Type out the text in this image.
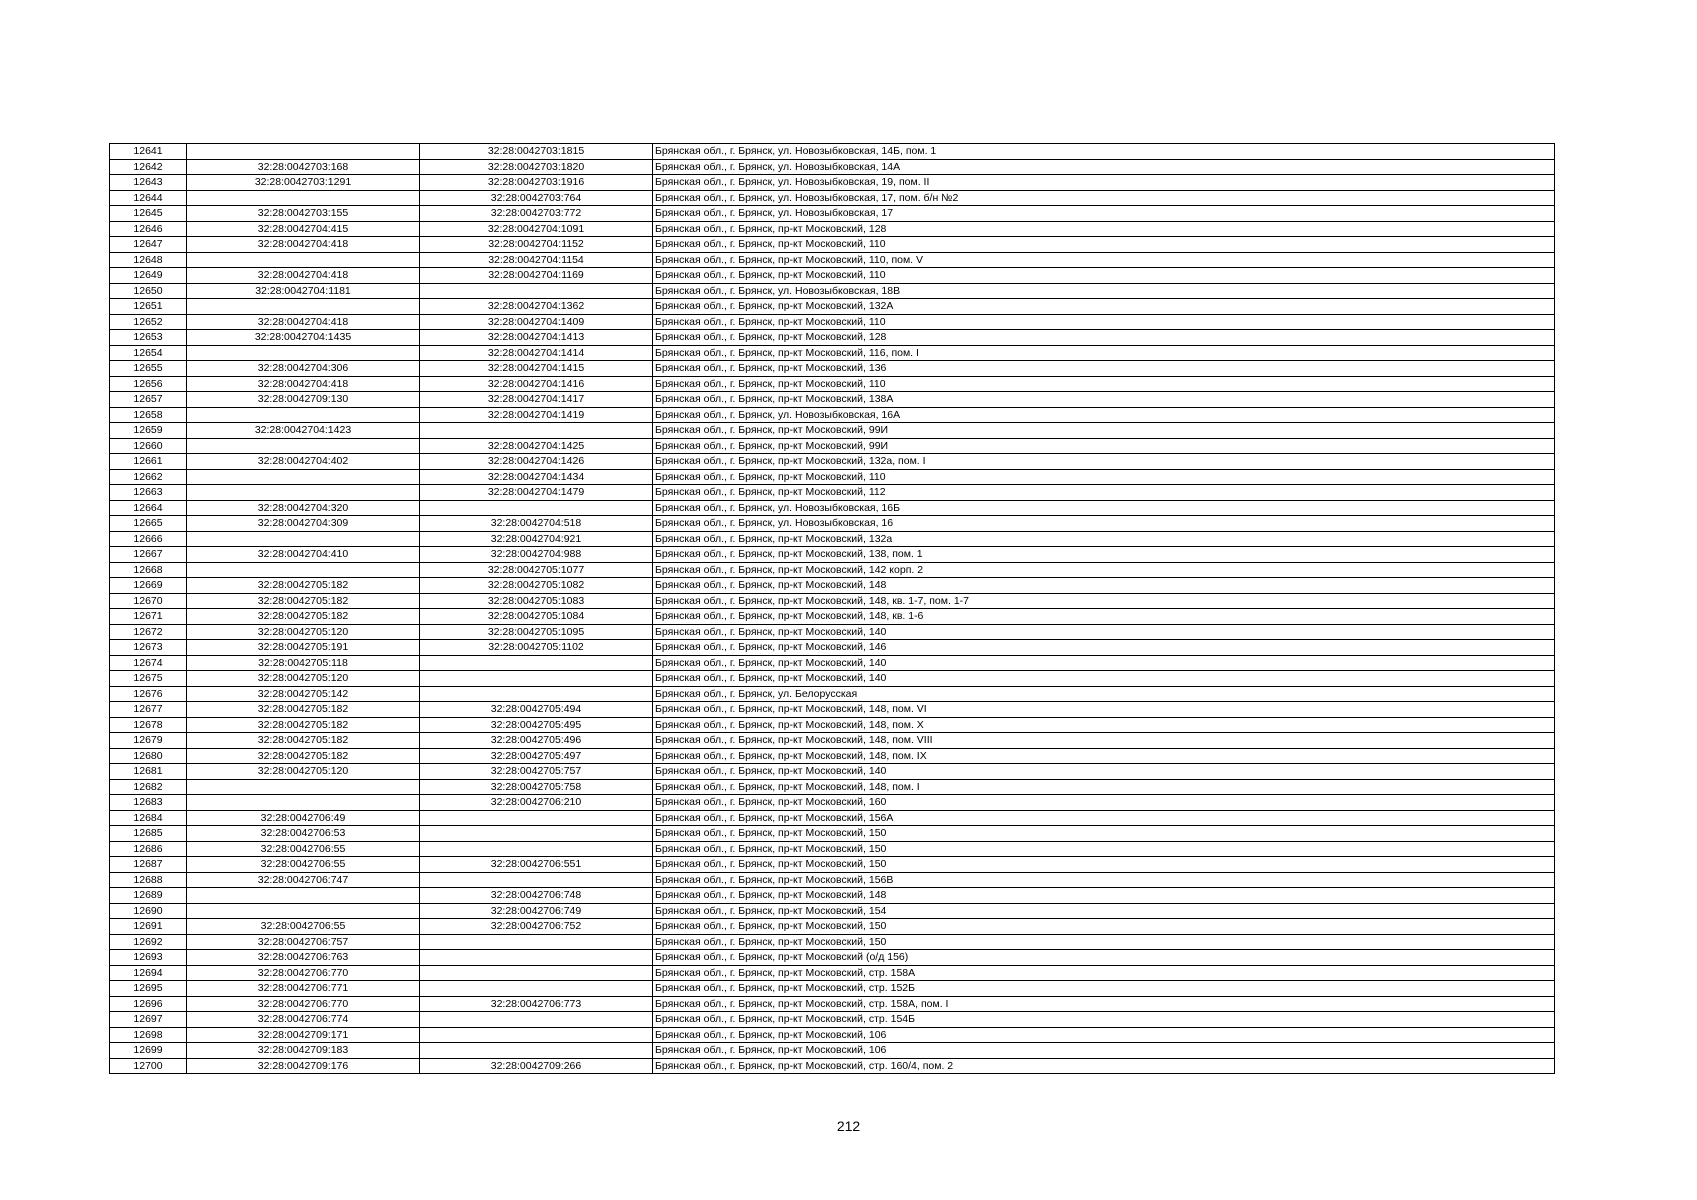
12641		32:28:0042703:1815	Брянская обл., г. Брянск, ул. Новозыбковская, 14Б, пом. 1
12642	32:28:0042703:168	32:28:0042703:1820	Брянская обл., г. Брянск, ул. Новозыбковская, 14А
12643	32:28:0042703:1291	32:28:0042703:1916	Брянская обл., г. Брянск, ул. Новозыбковская, 19, пом. II
12644		32:28:0042703:764	Брянская обл., г. Брянск, ул. Новозыбковская, 17, пом. б/н №2
12645	32:28:0042703:155	32:28:0042703:772	Брянская обл., г. Брянск, ул. Новозыбковская, 17
12646	32:28:0042704:415	32:28:0042704:1091	Брянская обл., г. Брянск, пр-кт Московский, 128
12647	32:28:0042704:418	32:28:0042704:1152	Брянская обл., г. Брянск, пр-кт Московский, 110
12648		32:28:0042704:1154	Брянская обл., г. Брянск, пр-кт Московский, 110, пом. V
12649	32:28:0042704:418	32:28:0042704:1169	Брянская обл., г. Брянск, пр-кт Московский, 110
12650	32:28:0042704:1181		Брянская обл., г. Брянск, ул. Новозыбковская, 18В
12651		32:28:0042704:1362	Брянская обл., г. Брянск, пр-кт Московский, 132А
12652	32:28:0042704:418	32:28:0042704:1409	Брянская обл., г. Брянск, пр-кт Московский, 110
12653	32:28:0042704:1435	32:28:0042704:1413	Брянская обл., г. Брянск, пр-кт Московский, 128
12654		32:28:0042704:1414	Брянская обл., г. Брянск, пр-кт Московский, 116, пом. I
12655	32:28:0042704:306	32:28:0042704:1415	Брянская обл., г. Брянск, пр-кт Московский, 136
12656	32:28:0042704:418	32:28:0042704:1416	Брянская обл., г. Брянск, пр-кт Московский, 110
12657	32:28:0042709:130	32:28:0042704:1417	Брянская обл., г. Брянск, пр-кт Московский, 138А
12658		32:28:0042704:1419	Брянская обл., г. Брянск, ул. Новозыбковская, 16А
12659	32:28:0042704:1423		Брянская обл., г. Брянск, пр-кт Московский, 99И
12660		32:28:0042704:1425	Брянская обл., г. Брянск, пр-кт Московский, 99И
12661	32:28:0042704:402	32:28:0042704:1426	Брянская обл., г. Брянск, пр-кт Московский, 132а, пом. I
12662		32:28:0042704:1434	Брянская обл., г. Брянск, пр-кт Московский, 110
12663		32:28:0042704:1479	Брянская обл., г. Брянск, пр-кт Московский, 112
12664	32:28:0042704:320		Брянская обл., г. Брянск, ул. Новозыбковская, 16Б
12665	32:28:0042704:309	32:28:0042704:518	Брянская обл., г. Брянск, ул. Новозыбковская, 16
12666		32:28:0042704:921	Брянская обл., г. Брянск, пр-кт Московский, 132а
12667	32:28:0042704:410	32:28:0042704:988	Брянская обл., г. Брянск, пр-кт Московский, 138, пом. 1
12668		32:28:0042705:1077	Брянская обл., г. Брянск, пр-кт Московский, 142 корп. 2
12669	32:28:0042705:182	32:28:0042705:1082	Брянская обл., г. Брянск, пр-кт Московский, 148
12670	32:28:0042705:182	32:28:0042705:1083	Брянская обл., г. Брянск, пр-кт Московский, 148, кв. 1-7, пом. 1-7
12671	32:28:0042705:182	32:28:0042705:1084	Брянская обл., г. Брянск, пр-кт Московский, 148, кв. 1-6
12672	32:28:0042705:120	32:28:0042705:1095	Брянская обл., г. Брянск, пр-кт Московский, 140
12673	32:28:0042705:191	32:28:0042705:1102	Брянская обл., г. Брянск, пр-кт Московский, 146
12674	32:28:0042705:118		Брянская обл., г. Брянск, пр-кт Московский, 140
12675	32:28:0042705:120		Брянская обл., г. Брянск, пр-кт Московский, 140
12676	32:28:0042705:142		Брянская обл., г. Брянск, ул. Белорусская
12677	32:28:0042705:182	32:28:0042705:494	Брянская обл., г. Брянск, пр-кт Московский, 148, пом. VI
12678	32:28:0042705:182	32:28:0042705:495	Брянская обл., г. Брянск, пр-кт Московский, 148, пом. X
12679	32:28:0042705:182	32:28:0042705:496	Брянская обл., г. Брянск, пр-кт Московский, 148, пом. VIII
12680	32:28:0042705:182	32:28:0042705:497	Брянская обл., г. Брянск, пр-кт Московский, 148, пом. IX
12681	32:28:0042705:120	32:28:0042705:757	Брянская обл., г. Брянск, пр-кт Московский, 140
12682		32:28:0042705:758	Брянская обл., г. Брянск, пр-кт Московский, 148, пом. I
12683		32:28:0042706:210	Брянская обл., г. Брянск, пр-кт Московский, 160
12684	32:28:0042706:49		Брянская обл., г. Брянск, пр-кт Московский, 156А
12685	32:28:0042706:53		Брянская обл., г. Брянск, пр-кт Московский, 150
12686	32:28:0042706:55		Брянская обл., г. Брянск, пр-кт Московский, 150
12687	32:28:0042706:55	32:28:0042706:551	Брянская обл., г. Брянск, пр-кт Московский, 150
12688	32:28:0042706:747		Брянская обл., г. Брянск, пр-кт Московский, 156В
12689		32:28:0042706:748	Брянская обл., г. Брянск, пр-кт Московский, 148
12690		32:28:0042706:749	Брянская обл., г. Брянск, пр-кт Московский, 154
12691	32:28:0042706:55	32:28:0042706:752	Брянская обл., г. Брянск, пр-кт Московский, 150
12692	32:28:0042706:757		Брянская обл., г. Брянск, пр-кт Московский, 150
12693	32:28:0042706:763		Брянская обл., г. Брянск, пр-кт Московский (о/д 156)
12694	32:28:0042706:770		Брянская обл., г. Брянск, пр-кт Московский, стр. 158А
12695	32:28:0042706:771		Брянская обл., г. Брянск, пр-кт Московский, стр. 152Б
12696	32:28:0042706:770	32:28:0042706:773	Брянская обл., г. Брянск, пр-кт Московский, стр. 158А, пом. I
12697	32:28:0042706:774		Брянская обл., г. Брянск, пр-кт Московский, стр. 154Б
12698	32:28:0042709:171		Брянская обл., г. Брянск, пр-кт Московский, 106
12699	32:28:0042709:183		Брянская обл., г. Брянск, пр-кт Московский, 106
12700	32:28:0042709:176	32:28:0042709:266	Брянская обл., г. Брянск, пр-кт Московский, стр. 160/4, пом. 2
212
